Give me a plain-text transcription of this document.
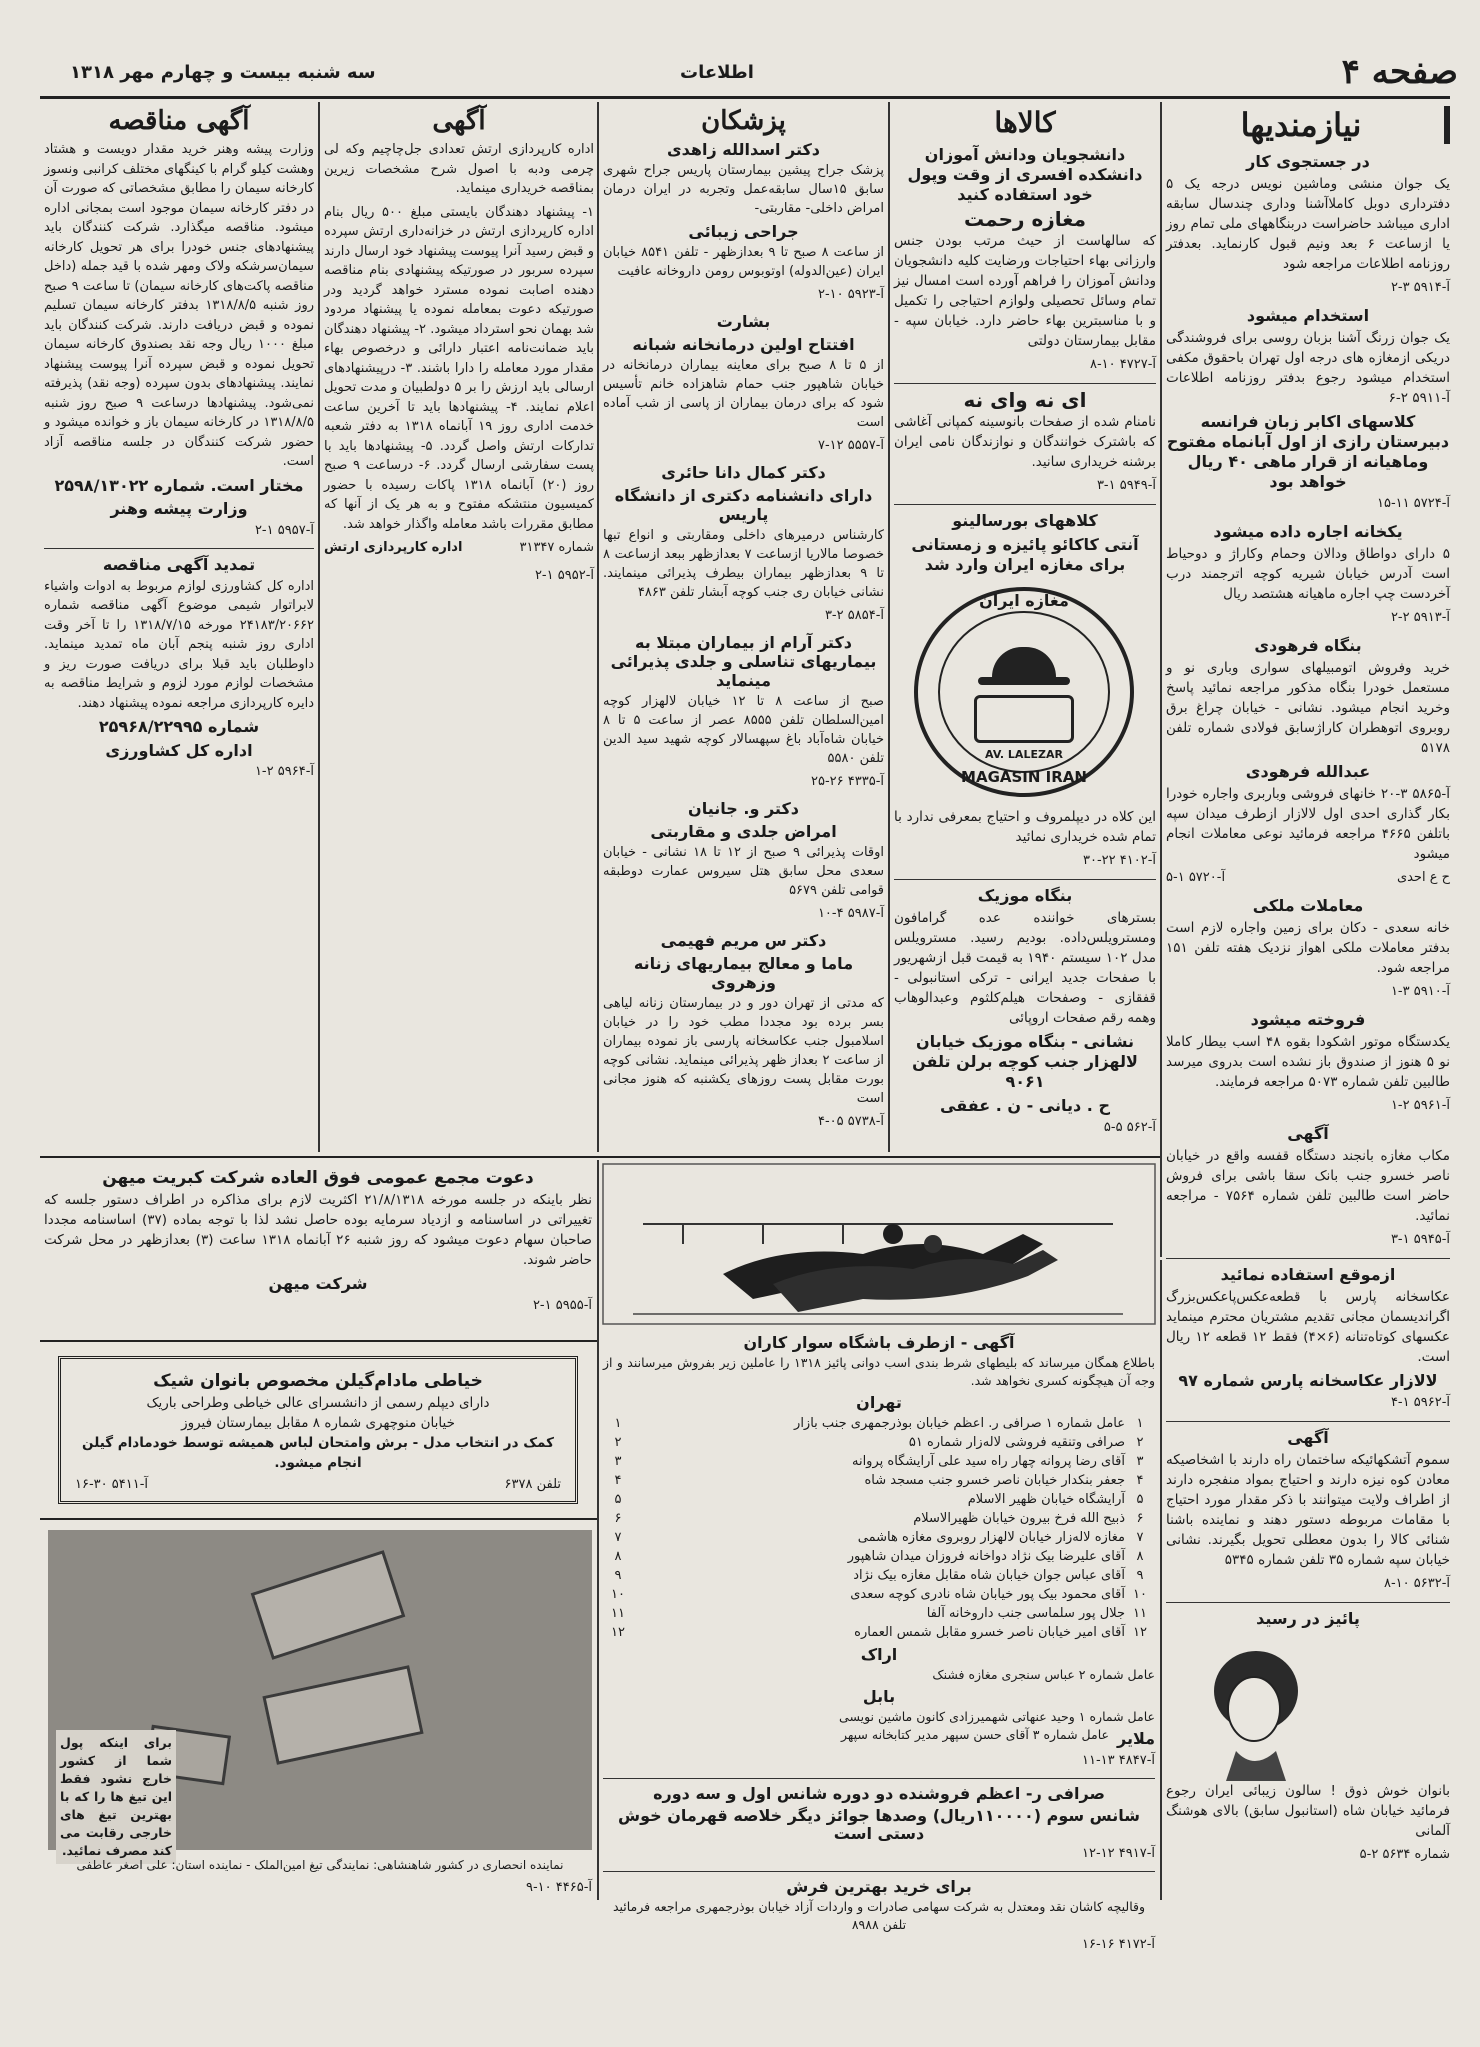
صفحه ۴
اطلاعات
سه شنبه بیست و چهارم مهر ۱۳۱۸
نیازمندیها
در جستجوی کار

یک جوان منشی وماشین نویس درجه یک ۵ دفترداری دوبل کاملاآشنا وداری چندسال سابقه اداری میباشد حاضراست دربنگاههای ملی تمام روز یا ازساعت ۶ بعد ونیم قبول کارنماید. بعدفتر روزنامه اطلاعات مراجعه شود

آ-۵۹۱۴ ۳-۲
استخدام میشود

یک جوان زرنگ آشنا بزبان روسی برای فروشندگی دریکی ازمغازه های درجه اول تهران باحقوق مکفی استخدام میشود رجوع بدفتر روزنامه اطلاعات آ-۵۹۱۱ ۲-۶

کلاسهای اکابر زبان فرانسه دبیرستان رازی از اول آبانماه مفتوح وماهیانه از قرار ماهی ۴۰ ریال خواهد بود
آ-۵۷۲۴ ۱۱-۱۵
یکخانه اجاره داده میشود

۵ دارای دواطاق ودالان وحمام وکاراژ و دوحیاط است آدرس خیابان شیریه کوچه اترجمند درب آخردست چپ اجاره ماهیانه هشتصد ریال

آ-۵۹۱۳ ۲-۲
بنگاه فرهودی

خرید وفروش اتومبیلهای سواری وباری نو و مستعمل خودرا بنگاه مذکور مراجعه نمائید پاسخ وخرید انجام میشود. نشانی - خیابان چراغ برق روبروی اتوهطران کاراژسابق فولادی شماره تلفن ۵۱۷۸

عبدالله فرهودی

آ-۵۸۶۵ ۳-۲۰ خانهای فروشی وباربری واجاره خودرا بکار گذاری احدی اول لالازار ازطرف میدان سپه باتلفن ۴۶۶۵ مراجعه فرمائید نوعی معاملات انجام میشود

ح ع احدی
آ-۵۷۲۰ ۱-۵
معاملات ملکی

خانه سعدی - دکان برای زمین واجاره لازم است بدفتر معاملات ملکی اهواز نزدیک هفته تلفن ۱۵۱ مراجعه شود.

آ-۵۹۱۰ ۳-۱
فروخته میشود

یکدستگاه موتور اشکودا بقوه ۴۸ اسب بیطار کاملا نو ۵ هنوز از صندوق باز نشده است بدروی میرسد طالبین تلفن شماره ۵۰۷۳ مراجعه فرمایند.

آ-۵۹۶۱ ۲-۱
آگهی

مکاب مغازه بانجند دستگاه قفسه واقع در خیابان ناصر خسرو جنب بانک سقا باشی برای فروش حاضر است طالبین تلفن شماره ۷۵۶۴ - مراجعه نمائید.

آ-۵۹۴۵ ۱-۳
ازموقع استفاده نمائید

عکاسخانه پارس با قطعه‌عکس‌پاعکس‌بزرگ اگراندیسمان مجانی تقدیم مشتریان محترم مینماید عکسهای کوتاه‌تنانه (۶×۴) فقط ۱۲ قطعه ۱۲ ریال است.

لالازار عکاسخانه پارس شماره ۹۷
آ-۵۹۶۲ ۱-۴
آگهی

سموم آتشکهائیکه ساختمان راه دارند با اشخاصیکه معادن کوه نیزه دارند و احتیاج بمواد منفجره دارند از اطراف ولایت میتوانند با ذکر مقدار مورد احتیاج با مقامات مربوطه دستور دهند و نماینده باشنا شنائی کالا را بدون معطلی تحویل بگیرند. نشانی خیابان سپه شماره ۳۵ تلفن شماره ۵۳۴۵

آ-۵۶۳۲ ۱۰-۸
پائیز در رسید

بانوان خوش ذوق ! سالون زیبائی ایران رجوع فرمائید خیابان شاه (استانبول سابق) بالای هوشنگ آلمانی

شماره ۵۶۳۴ ۲-۵
کالاها
دانشجویان ودانش آموزان دانشکده افسری از وقت وپول خود استفاده کنید
مغازه رحمت

که سالهاست از حیث مرتب بودن جنس وارزانی بهاء احتیاجات ورضایت کلیه دانشجویان ودانش آموزان را فراهم آورده است امسال نیز تمام وسائل تحصیلی ولوازم احتیاجی را تکمیل و با مناسبترین بهاء حاضر دارد. خیابان سپه - مقابل بیمارستان دولتی

آ-۴۷۲۷ ۱۰-۸
ای نه وای نه

نامنام شده از صفحات بانوسینه کمپانی آغاشی که باشترک خوانندگان و نوازندگان نامی ایران برشنه خریداری سانید.

آ-۵۹۴۹ ۱-۳
کلاههای بورسالینو
آنتی کاکائو پائیزه و زمستانی برای مغازه ایران وارد شد
مغازه ایران
MAGASIN IRAN
AV. LALEZAR

این کلاه در دیپلمروف و احتیاج بمعرفی ندارد با تمام شده خریداری نمائید

آ-۴۱۰۲ ۲۲-۳۰
بنگاه موزیک

بسترهای خواننده عده گرامافون ومسترویلس‌داده. بودیم رسید. مسترویلس مدل ۱۰۲ سیستم ۱۹۴۰ به قیمت قبل ازشهریور با صفحات جدید ایرانی - ترکی استانبولی - قفقازی - وصفحات هیلم‌کلثوم وعبدالوهاب وهمه رقم صفحات اروپائی

نشانی - بنگاه موزیک خیابان لالهزار جنب کوچه برلن تلفن ۹۰۶۱
ح . دیانی - ن . عفقی
آ-۵۶۲ ۵-۵
پزشکان
دکتر اسدالله زاهدی

پزشک جراح پیشین بیمارستان پاریس جراح شهری سابق ۱۵سال سابقه‌عمل وتجربه در ایران درمان امراض داخلی- مقاربتی-

جراحی زیبائی

از ساعت ۸ صبح تا ۹ بعدازظهر - تلفن ۸۵۴۱ خیابان ایران (عین‌الدوله) اوتوبوس رومن داروخانه عافیت

آ-۵۹۲۳ ۱۰-۲
بشارت
افتتاح اولین درمانخانه شبانه

از ۵ تا ۸ صبح برای معاینه بیماران درمانخانه در خیابان شاهپور جنب حمام شاهزاده خانم تأسیس شود که برای درمان بیماران از پاسی از شب آماده است

آ-۵۵۵۷ ۱۲-۷
دکتر کمال دانا حائری
دارای دانشنامه دکتری از دانشگاه پاریس

کارشناس درمیرهای داخلی ومقاربتی و انواع تبها خصوصا مالاریا ازساعت ۷ بعدازظهر ببعد ازساعت ۸ تا ۹ بعدازظهر بیماران بیطرف پذیرائی مینمایند. نشانی خیابان ری جنب کوچه آبشار تلفن ۴۸۶۳

آ-۵۸۵۴ ۲-۳
دکتر آرام از بیماران مبتلا به بیماریهای تناسلی و جلدی پذیرائی مینماید

صبح از ساعت ۸ تا ۱۲ خیابان لالهزار کوچه امین‌السلطان تلفن ۸۵۵۵ عصر از ساعت ۵ تا ۸ خیابان شاه‌آباد باغ سپهسالار کوچه شهید سید الدین تلفن ۵۵۸۰

آ-۴۳۳۵ ۲۶-۲۵
دکتر و. جانیان
امراض جلدی و مقاربتی

اوقات پذیرائی ۹ صبح از ۱۲ تا ۱۸ نشانی - خیابان سعدی محل سابق هتل سیروس عمارت دوطبقه قوامی تلفن ۵۶۷۹

آ-۵۹۸۷ ۴-۱۰
دکتر س مریم فهیمی
ماما و معالج بیماریهای زنانه وزهروی

که مدتی از تهران دور و در بیمارستان زنانه لیاهی بسر برده بود مجددا مطب خود را در خیابان اسلامبول جنب عکاسخانه پارسی باز نموده بیماران از ساعت ۲ بعداز ظهر پذیرائی مینماید. نشانی کوچه بورت مقابل پست روزهای یکشنبه که هنوز مجانی است

آ-۵۷۳۸ ۰۵-۴
آگهی

اداره کارپردازی ارتش تعدادی جل‌چاچیم وکه لی چرمی ودبه با اصول شرح مشخصات زیرین بمناقصه خریداری مینماید.

۱- پیشنهاد دهندگان بایستی مبلغ ۵۰۰ ریال بنام اداره کارپردازی ارتش در خزانه‌داری ارتش سپرده و قبض رسید آنرا پیوست پیشنهاد خود ارسال دارند سپرده سربور در صورتیکه پیشنهادی بنام مناقصه دهنده اصابت نموده مسترد خواهد گردید ودر صورتیکه دعوت بمعامله نموده یا پیشنهاد مردود شد بهمان نحو استرداد میشود. ۲- پیشنهاد دهندگان باید ضمانت‌نامه اعتبار دارائی و درخصوص بهاء مقدار مورد معامله را دارا باشند. ۳- درپیشنهادهای ارسالی باید ارزش را بر ۵ دولطبیان و مدت تحویل اعلام نمایند. ۴- پیشنهادها باید تا آخرین ساعت خدمت اداری روز ۱۹ آبانماه ۱۳۱۸ به دفتر شعبه تدارکات ارتش واصل گردد. ۵- پیشنهادها باید با پست سفارشی ارسال گردد. ۶- درساعت ۹ صبح روز (۲۰) آبانماه ۱۳۱۸ پاکات رسیده با حضور کمیسیون منتشکه مفتوح و به هر یک از آنها که مطابق مقررات باشد معامله واگذار خواهد شد.

شماره ۳۱۳۴۷
اداره کارپردازی ارتش
آ-۵۹۵۲ ۱-۲
آگهی مناقصه

وزارت پیشه وهنر خرید مقدار دویست و هشتاد وهشت کیلو گرام با کینگهای مختلف کرانبی ونسوز کارخانه سیمان را مطابق مشخصاتی که صورت آن در دفتر کارخانه سیمان موجود است بمجانی اداره میشود. مناقصه میگذارد. شرکت کنندگان باید پیشنهادهای جنس خودرا برای هر تحویل کارخانه سیمان‌سرشکه ولاک ومهر شده با قید جمله (داخل مناقصه پاکت‌های کارخانه سیمان) تا ساعت ۹ صبح روز شنبه ۱۳۱۸/۸/۵ بدفتر کارخانه سیمان تسلیم نموده و قبض دریافت دارند. شرکت کنندگان باید مبلغ ۱۰۰۰ ریال وجه نقد بصندوق کارخانه سیمان تحویل نموده و قبض سپرده آنرا پیوست پیشنهاد نمایند. پیشنهادهای بدون سپرده (وجه نقد) پذیرفته نمی‌شود. پیشنهادها درساعت ۹ صبح روز شنبه ۱۳۱۸/۸/۵ در کارخانه سیمان باز و خوانده میشود و حضور شرکت کنندگان در جلسه مناقصه آزاد است.

مختار است. شماره ۲۵۹۸/۱۳۰۲۲
وزارت پیشه وهنر
آ-۵۹۵۷ ۱-۲
تمدید آگهی مناقصه

اداره کل کشاورزی لوازم مربوط به ادوات واشیاء لابراتوار شیمی موضوع آگهی مناقصه شماره ۲۴۱۸۳/۲۰۶۶۲ مورخه ۱۳۱۸/۷/۱۵ را تا آخر وقت اداری روز شنبه پنجم آبان ماه تمدید مینماید. داوطلبان باید قبلا برای دریافت صورت ریز و مشخصات لوازم مورد لزوم و شرایط مناقصه به دایره کارپردازی مراجعه نموده پیشنهاد دهند.

شماره ۲۵۹۶۸/۲۲۹۹۵
اداره کل کشاورزی
آ-۵۹۶۴ ۲-۱
دعوت مجمع عمومی فوق العاده شرکت کبریت میهن

نظر باینکه در جلسه مورخه ۲۱/۸/۱۳۱۸ اکثریت لازم برای مذاکره در اطراف دستور جلسه که تغییراتی در اساسنامه و ازدیاد سرمایه بوده حاصل نشد لذا با توجه بماده (۳۷) اساسنامه مجددا صاحبان سهام دعوت میشود که روز شنبه ۲۶ آبانماه ۱۳۱۸ ساعت (۳) بعدازظهر در محل شرکت حاضر شوند.

شرکت میهن
آ-۵۹۵۵ ۱-۲
خیاطی مادام‌گیلن مخصوص بانوان شیک
دارای دیپلم رسمی از دانشسرای عالی خیاطی وطراحی باریک
خیابان منوچهری شماره ۸ مقابل بیمارستان فیروز
کمک در انتخاب مدل - برش وامتحان لباس همیشه توسط خودمادام گیلن انجام میشود.
تلفن ۶۳۷۸
آ-۵۴۱۱ ۳۰-۱۶
برای اینکه پول شما از کشور خارج نشود فقط این تیغ ها را که با بهترین تیغ های خارجی رقابت می کند مصرف نمائید.
نماینده انحصاری در کشور شاهنشاهی: نمایندگی تیغ امین‌الملک - نماینده استان: علی اصغر عاطفی
آ-۴۴۶۵ ۱۰-۹
آگهی - ازطرف باشگاه سوار کاران

باطلاع همگان میرساند که بلیطهای شرط بندی اسب دوانی پائیز ۱۳۱۸ را عاملین زیر بفروش میرسانند و از وجه آن هیچگونه کسری نخواهد شد.

تهران
۱
عامل شماره ۱ صرافی ر. اعظم خیابان بوذرجمهری جنب بازار
۱
۲
صرافی وتنقیه فروشی لاله‌زار شماره ۵۱
۲
۳
آقای رضا پروانه چهار راه سید علی آرایشگاه پروانه
۳
۴
جعفر بنکدار خیابان ناصر خسرو جنب مسجد شاه
۴
۵
آرایشگاه خیابان ظهیر الاسلام
۵
۶
ذبیح الله فرخ بیرون خیابان ظهیرالاسلام
۶
۷
مغازه لاله‌زار خیابان لالهزار روبروی مغازه هاشمی
۷
۸
آقای علیرضا بیک نژاد دواخانه فروزان میدان شاهپور
۸
۹
آقای عباس جوان خیابان شاه مقابل مغازه بیک نژاد
۹
۱۰
آقای محمود بیک پور خیابان شاه نادری کوچه سعدی
۱۰
۱۱
جلال پور سلماسی جنب داروخانه آلفا
۱۱
۱۲
آقای امیر خیابان ناصر خسرو مقابل شمس العماره
۱۲
اراک
عامل شماره ۲ عباس سنجری مغازه فشنک
بابل
عامل شماره ۱ وحید عنهاتی شهمیرزادی کانون ماشین نویسی
ملایر
عامل شماره ۳ آقای حسن سپهر مدیر کتابخانه سپهر
آ-۴۸۴۷ ۱۳-۱۱
صرافی ر- اعظم فروشنده دو دوره شانس اول و سه دوره
شانس سوم (۱۱۰۰۰۰ریال) وصدها جوائز دیگر خلاصه قهرمان خوش دستی است
آ-۴۹۱۷ ۱۲-۱۲
برای خرید بهترین فرش
وقالیچه کاشان نقد ومعتدل به شرکت سهامی صادرات و واردات آزاد خیابان بوذرجمهری مراجعه فرمائید تلفن ۸۹۸۸
آ-۴۱۷۲ ۱۶-۱۶
